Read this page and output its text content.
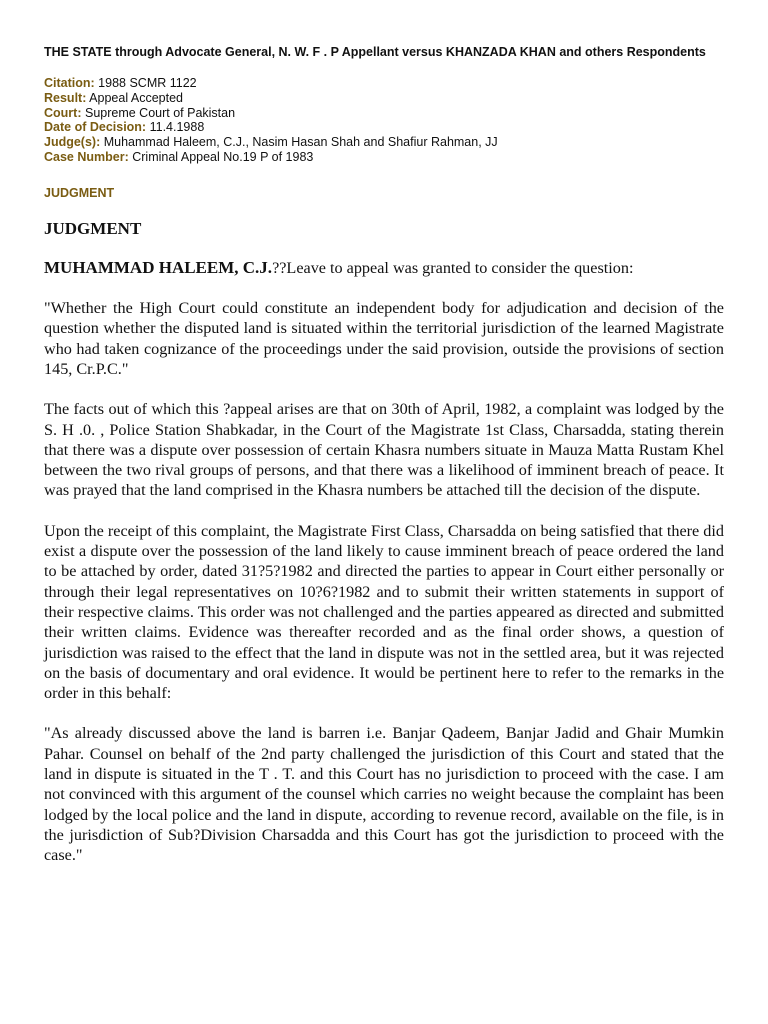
THE STATE through Advocate General, N. W. F . P Appellant versus KHANZADA KHAN and others Respondents

Citation: 1988 SCMR 1122
Result: Appeal Accepted
Court: Supreme Court of Pakistan
Date of Decision: 11.4.1988
Judge(s): Muhammad Haleem, C.J., Nasim Hasan Shah and Shafiur Rahman, JJ
Case Number: Criminal Appeal No.19 P of 1983
JUDGMENT
JUDGMENT

MUHAMMAD HALEEM, C.J.??Leave to appeal was granted to consider the question:

"Whether the High Court could constitute an independent body for adjudication and decision of the question whether the disputed land is situated within the territorial jurisdiction of the learned Magistrate who had taken cognizance of the proceedings under the said provision, outside the provisions of section 145, Cr.P.C."

The facts out of which this ?appeal arises are that on 30th of April, 1982, a complaint was lodged by the S. H .0. , Police Station Shabkadar, in the Court of the Magistrate 1st Class, Charsadda, stating therein that there was a dispute over possession of certain Khasra numbers situate in Mauza Matta Rustam Khel between the two rival groups of persons, and that there was a likelihood of imminent breach of peace. It was prayed that the land comprised in the Khasra numbers be attached till the decision of the dispute.

Upon the receipt of this complaint, the Magistrate First Class, Charsadda on being satisfied that there did exist a dispute over the possession of the land likely to cause imminent breach of peace ordered the land to be attached by order, dated 31?5?1982 and directed the parties to appear in Court either personally or through their legal representatives on 10?6?1982 and to submit their written statements in support of their respective claims. This order was not challenged and the parties appeared as directed and submitted their written claims. Evidence was thereafter recorded and as the final order shows, a question of jurisdiction was raised to the effect that the land in dispute was not in the settled area, but it was rejected on the basis of documentary and oral evidence. It would be pertinent here to refer to the remarks in the order in this behalf:

"As already discussed above the land is barren i.e. Banjar Qadeem, Banjar Jadid and Ghair Mumkin Pahar. Counsel on behalf of the 2nd party challenged the jurisdiction of this Court and stated that the land in dispute is situated in the T . T. and this Court has no jurisdiction to proceed with the case. I am not convinced with this argument of the counsel which carries no weight because the complaint has been lodged by the local police and the land in dispute, according to revenue record, available on the file, is in the jurisdiction of Sub?Division Charsadda and this Court has got the jurisdiction to proceed with the case."
